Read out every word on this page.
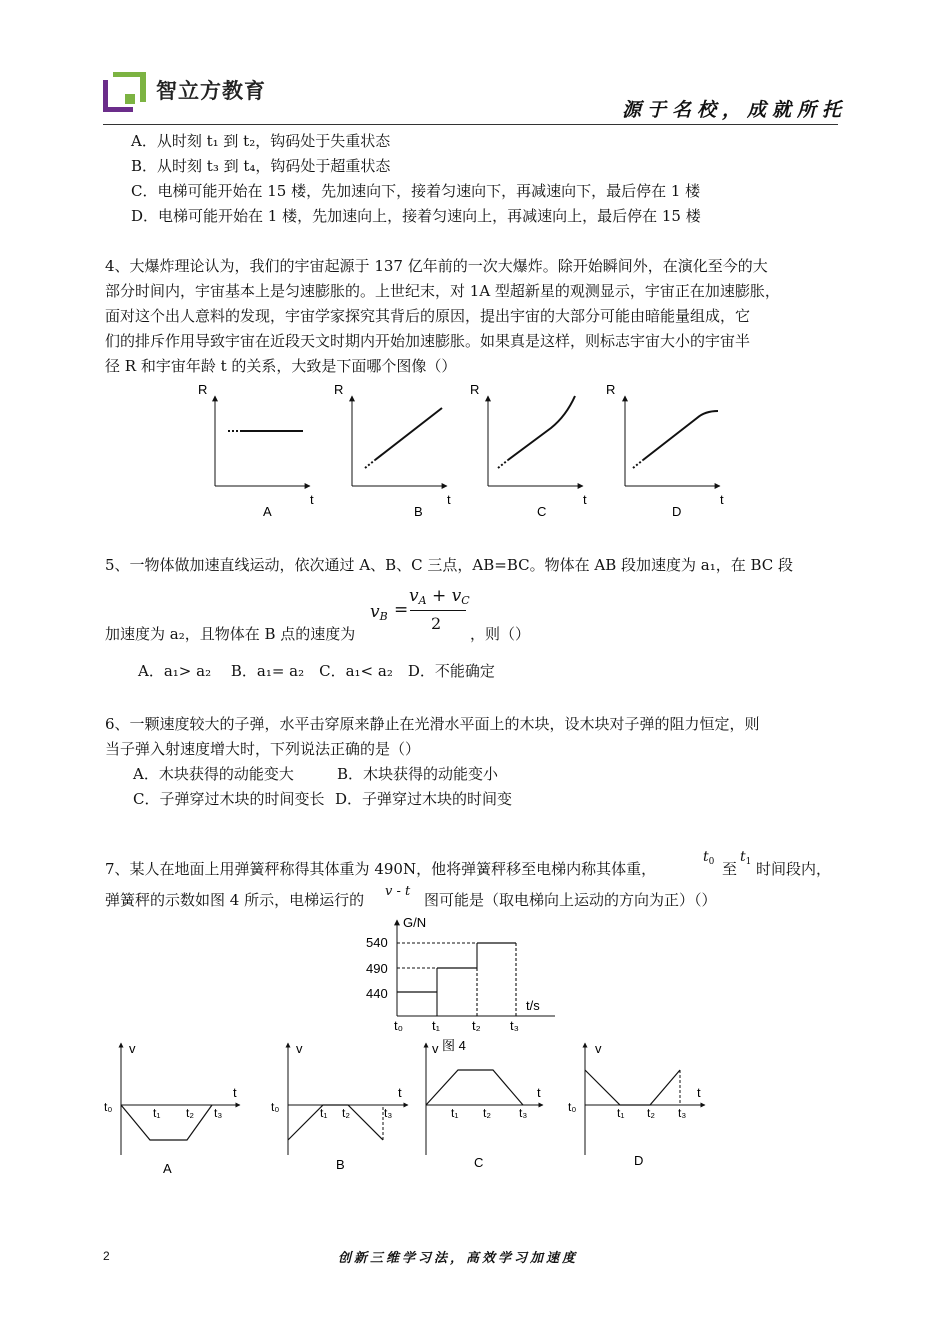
智立方教育
源于名校，成就所托
A．从时刻 t₁ 到 t₂，钩码处于失重状态
B．从时刻 t₃ 到 t₄，钩码处于超重状态
C．电梯可能开始在 15 楼，先加速向下，接着匀速向下，再减速向下，最后停在 1 楼
D．电梯可能开始在 1 楼，先加速向上，接着匀速向上，再减速向上，最后停在 15 楼
4、大爆炸理论认为，我们的宇宙起源于 137 亿年前的一次大爆炸。除开始瞬间外，在演化至今的大
部分时间内，宇宙基本上是匀速膨胀的。上世纪末，对 1A 型超新星的观测显示，宇宙正在加速膨胀，
面对这个出人意料的发现，宇宙学家探究其背后的原因，提出宇宙的大部分可能由暗能量组成，它
们的排斥作用导致宇宙在近段天文时期内开始加速膨胀。如果真是这样，则标志宇宙大小的宇宙半
径 R 和宇宙年龄 t 的关系，大致是下面哪个图像（）
R
t
A
R
t
B
R
t
C
R
t
D
5、一物体做加速直线运动，依次通过 A、B、C 三点，AB=BC。物体在 AB 段加速度为 a₁，在 BC 段
加速度为 a₂，且物体在 B 点的速度为
$v_B$ =
$v_A + v_C$
2
，则（）
A．a₁> a₂　 B．a₁= a₂　C．a₁< a₂　D．不能确定
6、一颗速度较大的子弹，水平击穿原来静止在光滑水平面上的木块，设木块对子弹的阻力恒定，则
当子弹入射速度增大时，下列说法正确的是（）
A．木块获得的动能变大	B．木块获得的动能变小
C．子弹穿过木块的时间变长 D．子弹穿过木块的时间变
7、某人在地面上用弹簧秤称得其体重为 490N，他将弹簧秤移至电梯内称其体重，
$t_0$ 至
$t_1$ 时间段内，
弹簧秤的示数如图 4 所示，电梯运行的 v - t 图可能是（取电梯向上运动的方向为正）（）
G/N
t/s
540
490
440
t₀ t₁ t₂ t₃
图 4
v
t
t₀	t₁ t₂ t₃
A
v
t
t₀	t₁ t₂	t₃
B
v
t
t₁ t₂ t₃
C
v
t
t₀	t₁ t₂ t₃
D
2	创新三维学习法，高效学习加速度
